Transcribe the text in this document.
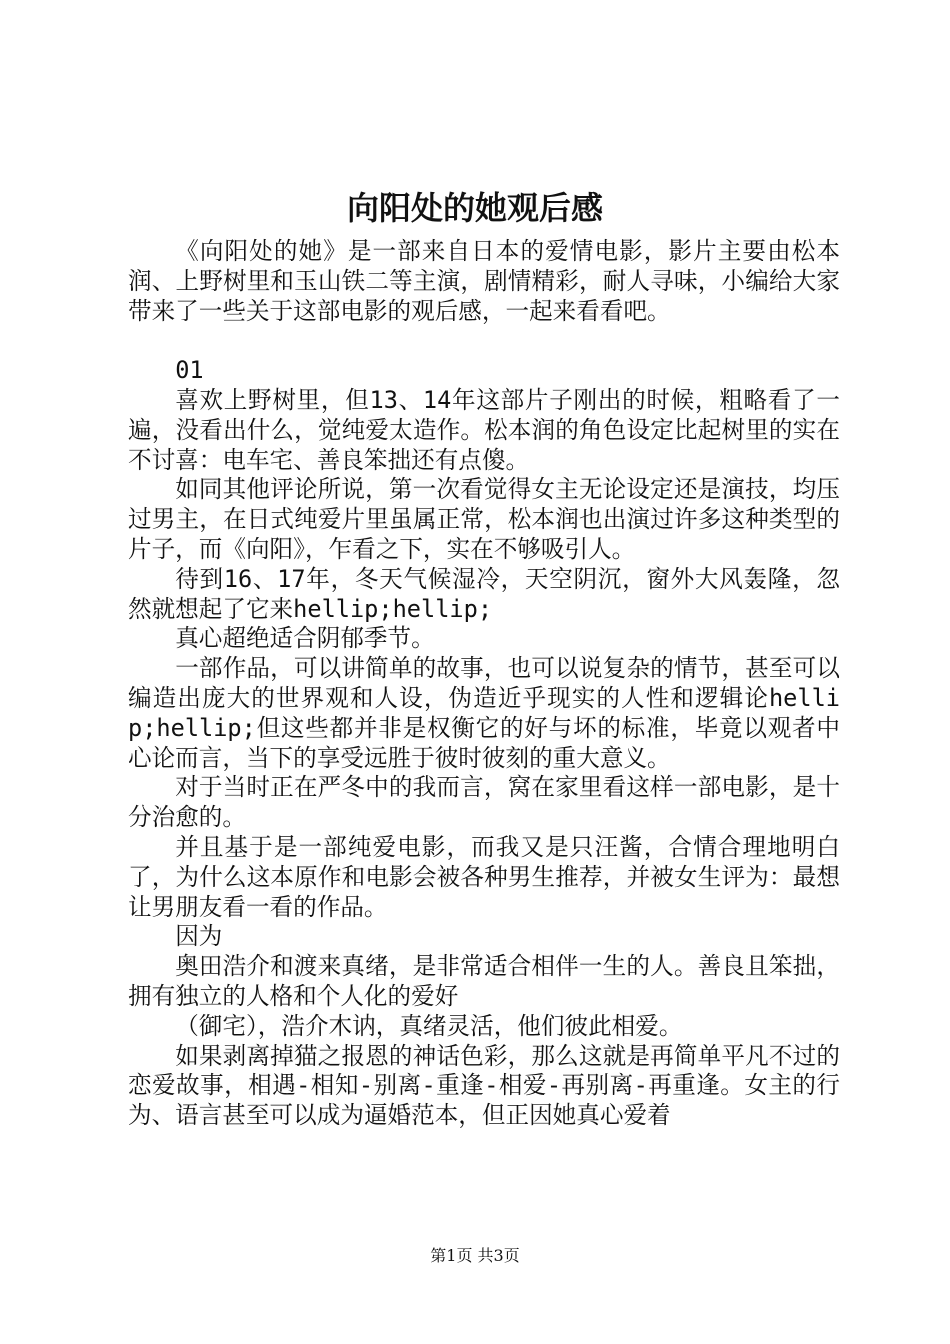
向阳处的她观后感

《向阳处的她》是一部来自日本的爱情电影，影片主要由松本润、上野树里和玉山铁二等主演，剧情精彩，耐人寻味，小编给大家带来了一些关于这部电影的观后感，一起来看看吧。

01

喜欢上野树里，但13、14年这部片子刚出的时候，粗略看了一遍，没看出什么，觉纯爱太造作。松本润的角色设定比起树里的实在不讨喜：电车宅、善良笨拙还有点傻。

如同其他评论所说，第一次看觉得女主无论设定还是演技，均压过男主，在日式纯爱片里虽属正常，松本润也出演过许多这种类型的片子，而《向阳》，乍看之下，实在不够吸引人。

待到16、17年，冬天气候湿冷，天空阴沉，窗外大风轰隆，忽然就想起了它来hellip;hellip;

真心超绝适合阴郁季节。

一部作品，可以讲简单的故事，也可以说复杂的情节，甚至可以编造出庞大的世界观和人设，伪造近乎现实的人性和逻辑论hellip;hellip;但这些都并非是权衡它的好与坏的标准，毕竟以观者中心论而言，当下的享受远胜于彼时彼刻的重大意义。

对于当时正在严冬中的我而言，窝在家里看这样一部电影，是十分治愈的。

并且基于是一部纯爱电影，而我又是只汪酱，合情合理地明白了，为什么这本原作和电影会被各种男生推荐，并被女生评为：最想让男朋友看一看的作品。

因为

奥田浩介和渡来真绪，是非常适合相伴一生的人。善良且笨拙，拥有独立的人格和个人化的爱好

（御宅），浩介木讷，真绪灵活，他们彼此相爱。

如果剥离掉猫之报恩的神话色彩，那么这就是再简单平凡不过的恋爱故事，相遇-相知-别离-重逢-相爱-再别离-再重逢。女主的行为、语言甚至可以成为逼婚范本，但正因她真心爱着

第1页 共3页
